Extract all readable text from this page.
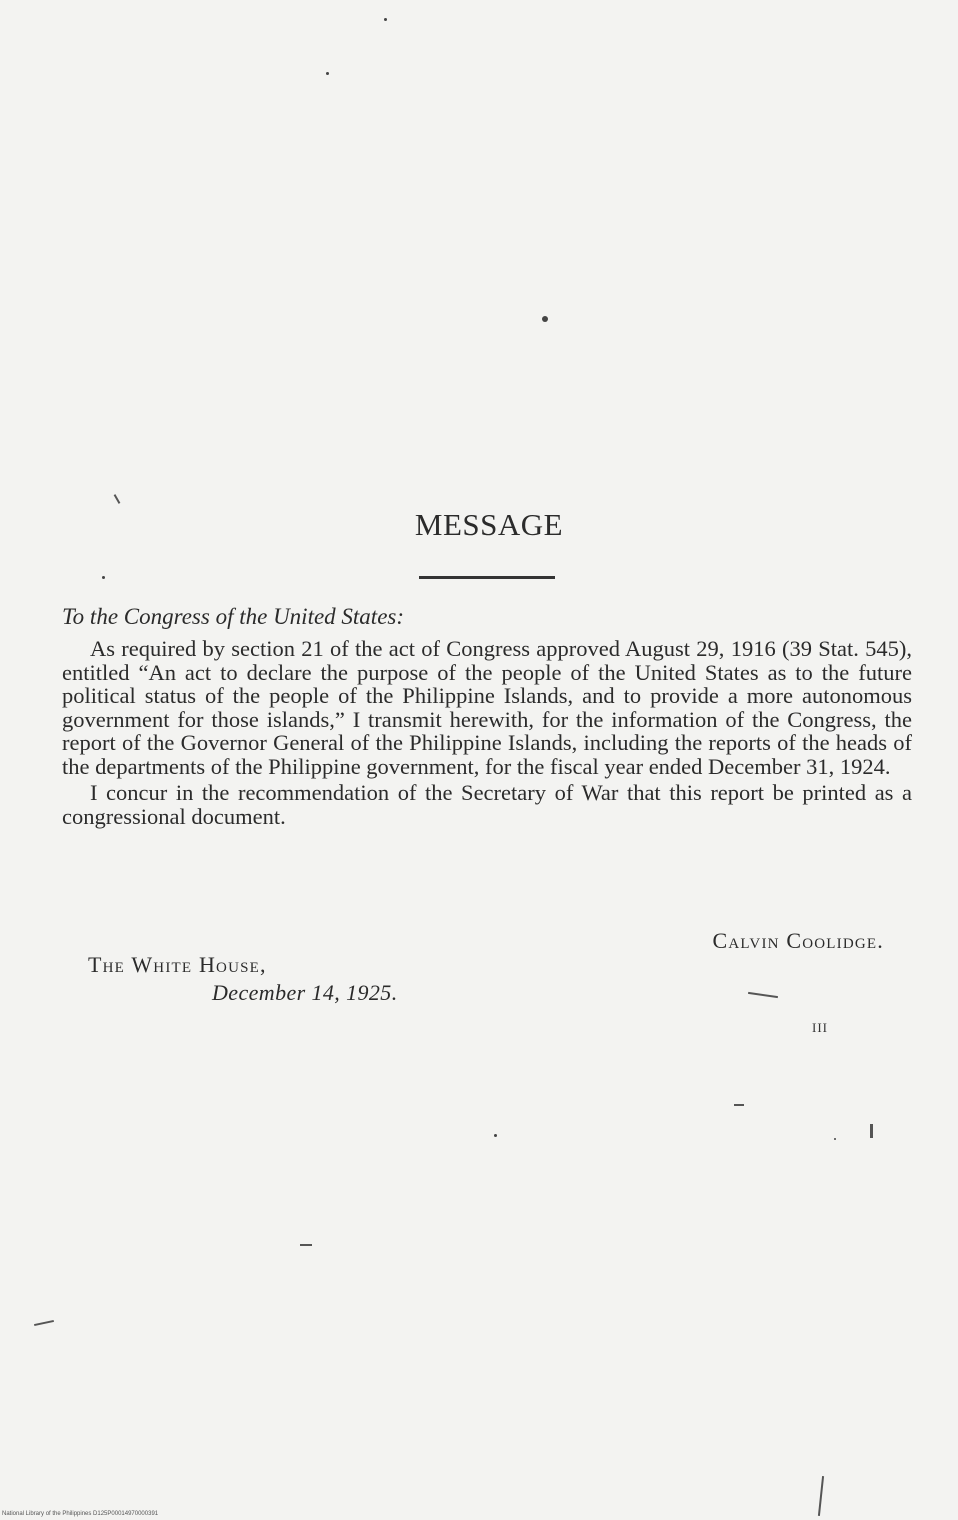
MESSAGE
To the Congress of the United States:

As required by section 21 of the act of Congress approved August 29, 1916 (39 Stat. 545), entitled “An act to declare the purpose of the people of the United States as to the future political status of the people of the Philippine Islands, and to provide a more autonomous government for those islands,” I transmit herewith, for the information of the Congress, the report of the Governor General of the Philippine Islands, including the reports of the heads of the departments of the Philippine government, for the fiscal year ended December 31, 1924.

I concur in the recommendation of the Secretary of War that this report be printed as a congressional document.

Calvin Coolidge.
The White House,
December 14, 1925.
III
National Library of the Philippines D125P00014970000391
